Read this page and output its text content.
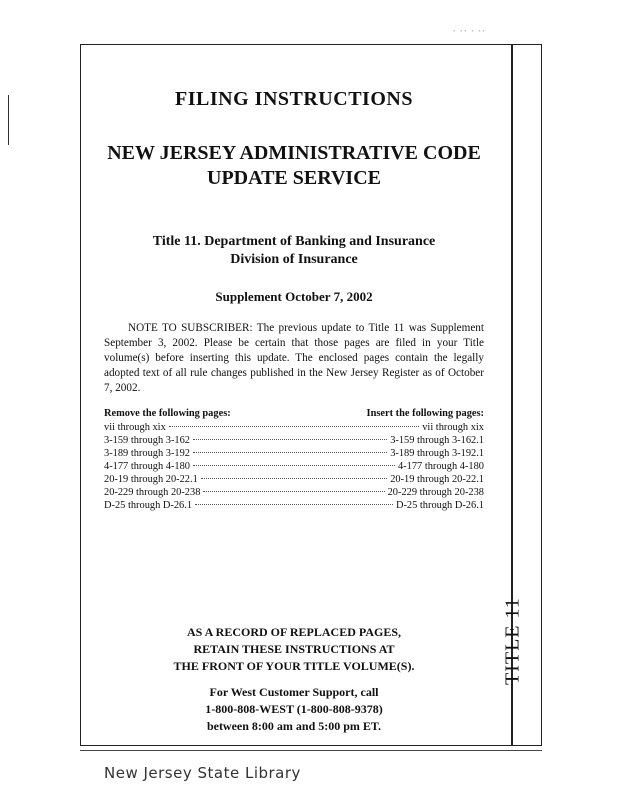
⋅ ⋅⋅ ⋅ ⋅⋅
TITLE 11
FILING INSTRUCTIONS
NEW JERSEY ADMINISTRATIVE CODE
UPDATE SERVICE
Title 11. Department of Banking and Insurance
Division of Insurance
Supplement October 7, 2002

NOTE TO SUBSCRIBER: The previous update to Title 11 was Supplement September 3, 2002. Please be certain that those pages are filed in your Title volume(s) before inserting this update. The enclosed pages contain the legally adopted text of all rule changes published in the New Jersey Register as of October 7, 2002.

Remove the following pages:	Insert the following pages:

vii through xix	vii through xix

3-159 through 3-162	3-159 through 3-162.1

3-189 through 3-192	3-189 through 3-192.1

4-177 through 4-180	4-177 through 4-180

20-19 through 20-22.1	20-19 through 20-22.1

20-229 through 20-238	20-229 through 20-238

D-25 through D-26.1	D-25 through D-26.1
AS A RECORD OF REPLACED PAGES,
RETAIN THESE INSTRUCTIONS AT
THE FRONT OF YOUR TITLE VOLUME(S).
For West Customer Support, call
1-800-808-WEST (1-800-808-9378)
between 8:00 am and 5:00 pm ET.
New Jersey State Library
